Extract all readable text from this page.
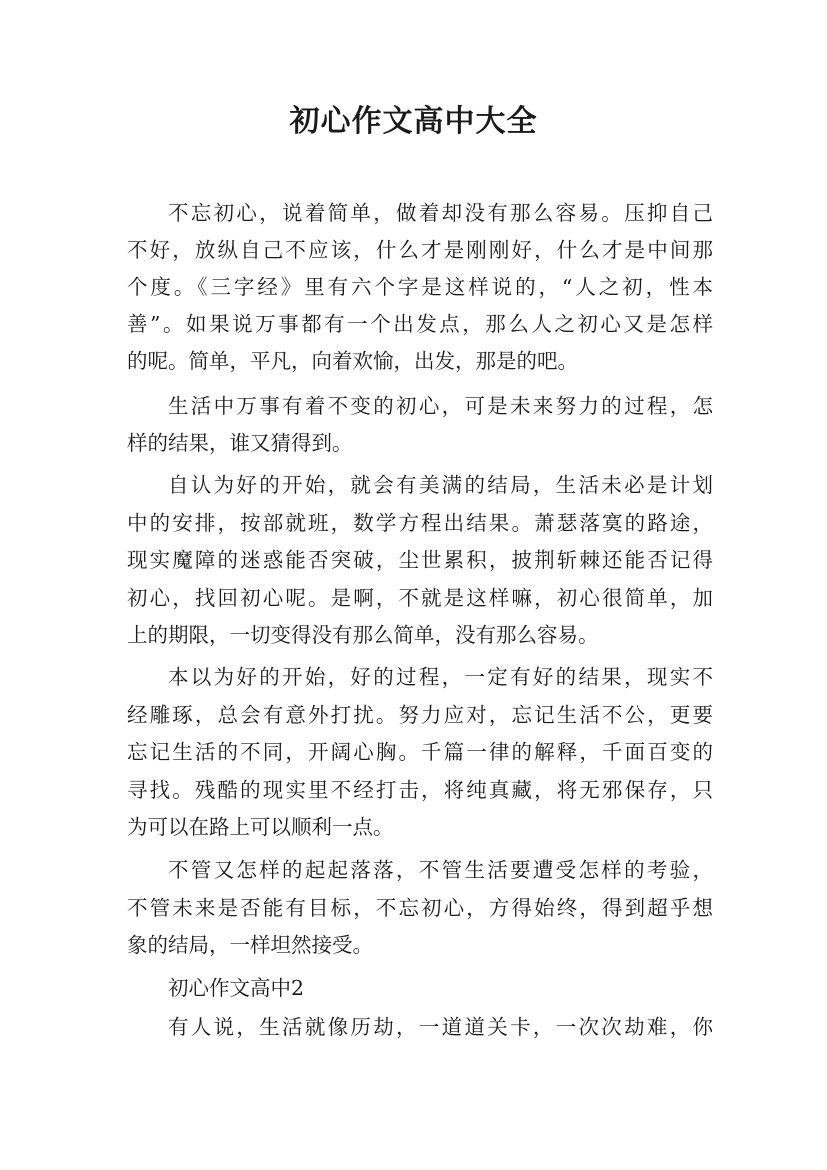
初心作文高中大全
不忘初心，说着简单，做着却没有那么容易。压抑自己
不好，放纵自己不应该，什么才是刚刚好，什么才是中间那
个度。《三字经》里有六个字是这样说的，“人之初，性本
善”。如果说万事都有一个出发点，那么人之初心又是怎样
的呢。简单，平凡，向着欢愉，出发，那是的吧。
生活中万事有着不变的初心，可是未来努力的过程，怎
样的结果，谁又猜得到。
自认为好的开始，就会有美满的结局，生活未必是计划
中的安排，按部就班，数学方程出结果。萧瑟落寞的路途，
现实魔障的迷惑能否突破，尘世累积，披荆斩棘还能否记得
初心，找回初心呢。是啊，不就是这样嘛，初心很简单，加
上的期限，一切变得没有那么简单，没有那么容易。
本以为好的开始，好的过程，一定有好的结果，现实不
经雕琢，总会有意外打扰。努力应对，忘记生活不公，更要
忘记生活的不同，开阔心胸。千篇一律的解释，千面百变的
寻找。残酷的现实里不经打击，将纯真藏，将无邪保存，只
为可以在路上可以顺利一点。
不管又怎样的起起落落，不管生活要遭受怎样的考验，
不管未来是否能有目标，不忘初心，方得始终，得到超乎想
象的结局，一样坦然接受。
初心作文高中2
有人说，生活就像历劫，一道道关卡，一次次劫难，你
